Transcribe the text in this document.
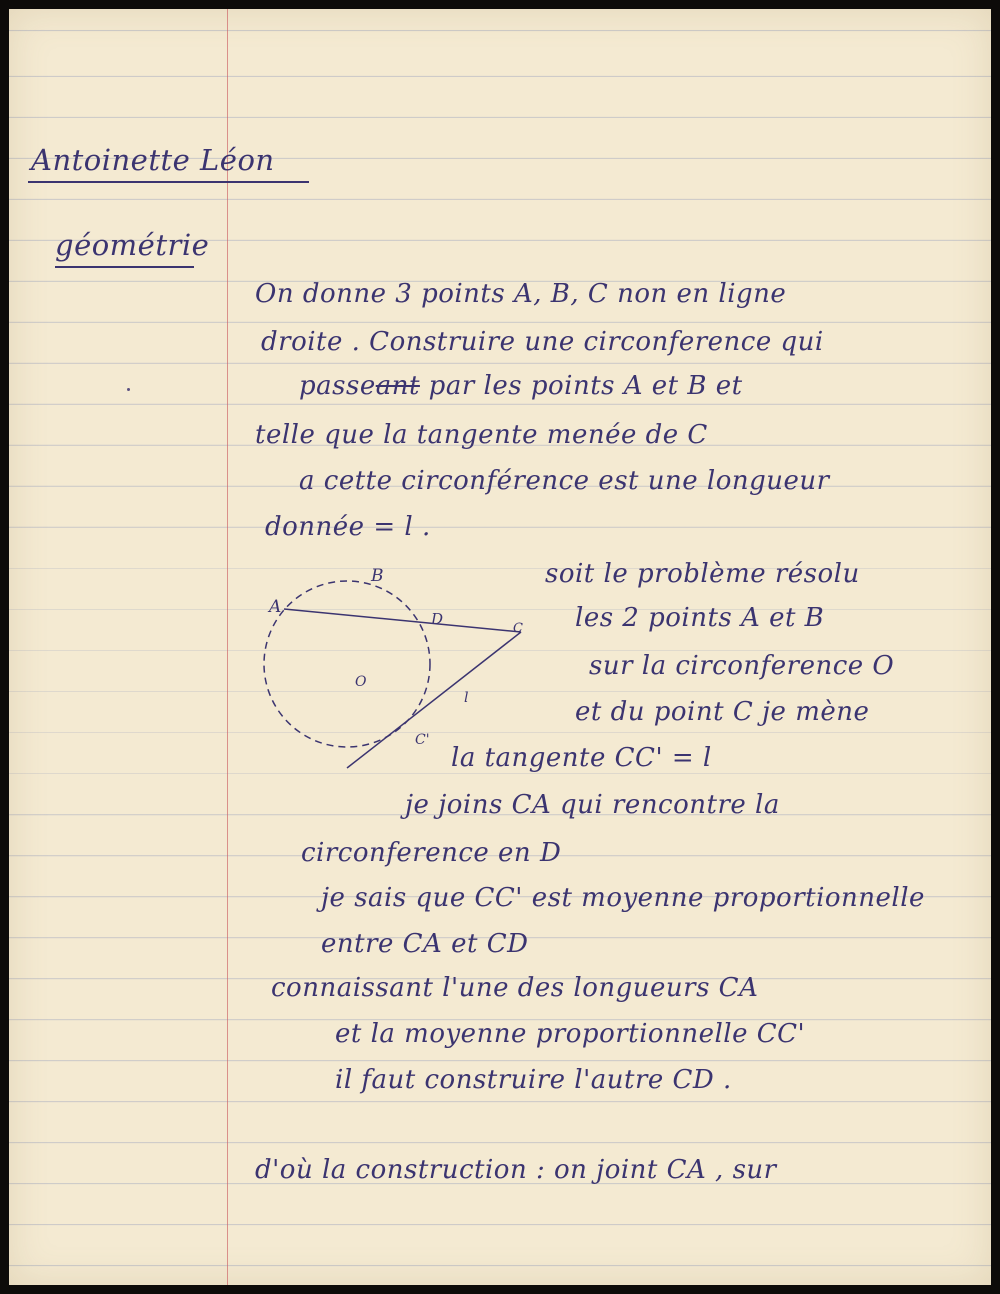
Antoinette Léon
géométrie
On donne 3 points A, B, C non en ligne
droite . Construire une circonference qui
passeant par les points A et B et
telle que la tangente menée de C
a cette circonférence est une longueur
donnée = l .
A
B
D
C
O
l
C'
soit le problème résolu
les 2 points A et B
sur la circonference O
et du point C je mène
la tangente CC' = l
je joins CA qui rencontre la
circonference en D
je sais que CC' est moyenne proportionnelle
entre CA et CD
connaissant l'une des longueurs CA
et la moyenne proportionnelle CC'
il faut construire l'autre CD .
d'où la construction : on joint CA , sur
